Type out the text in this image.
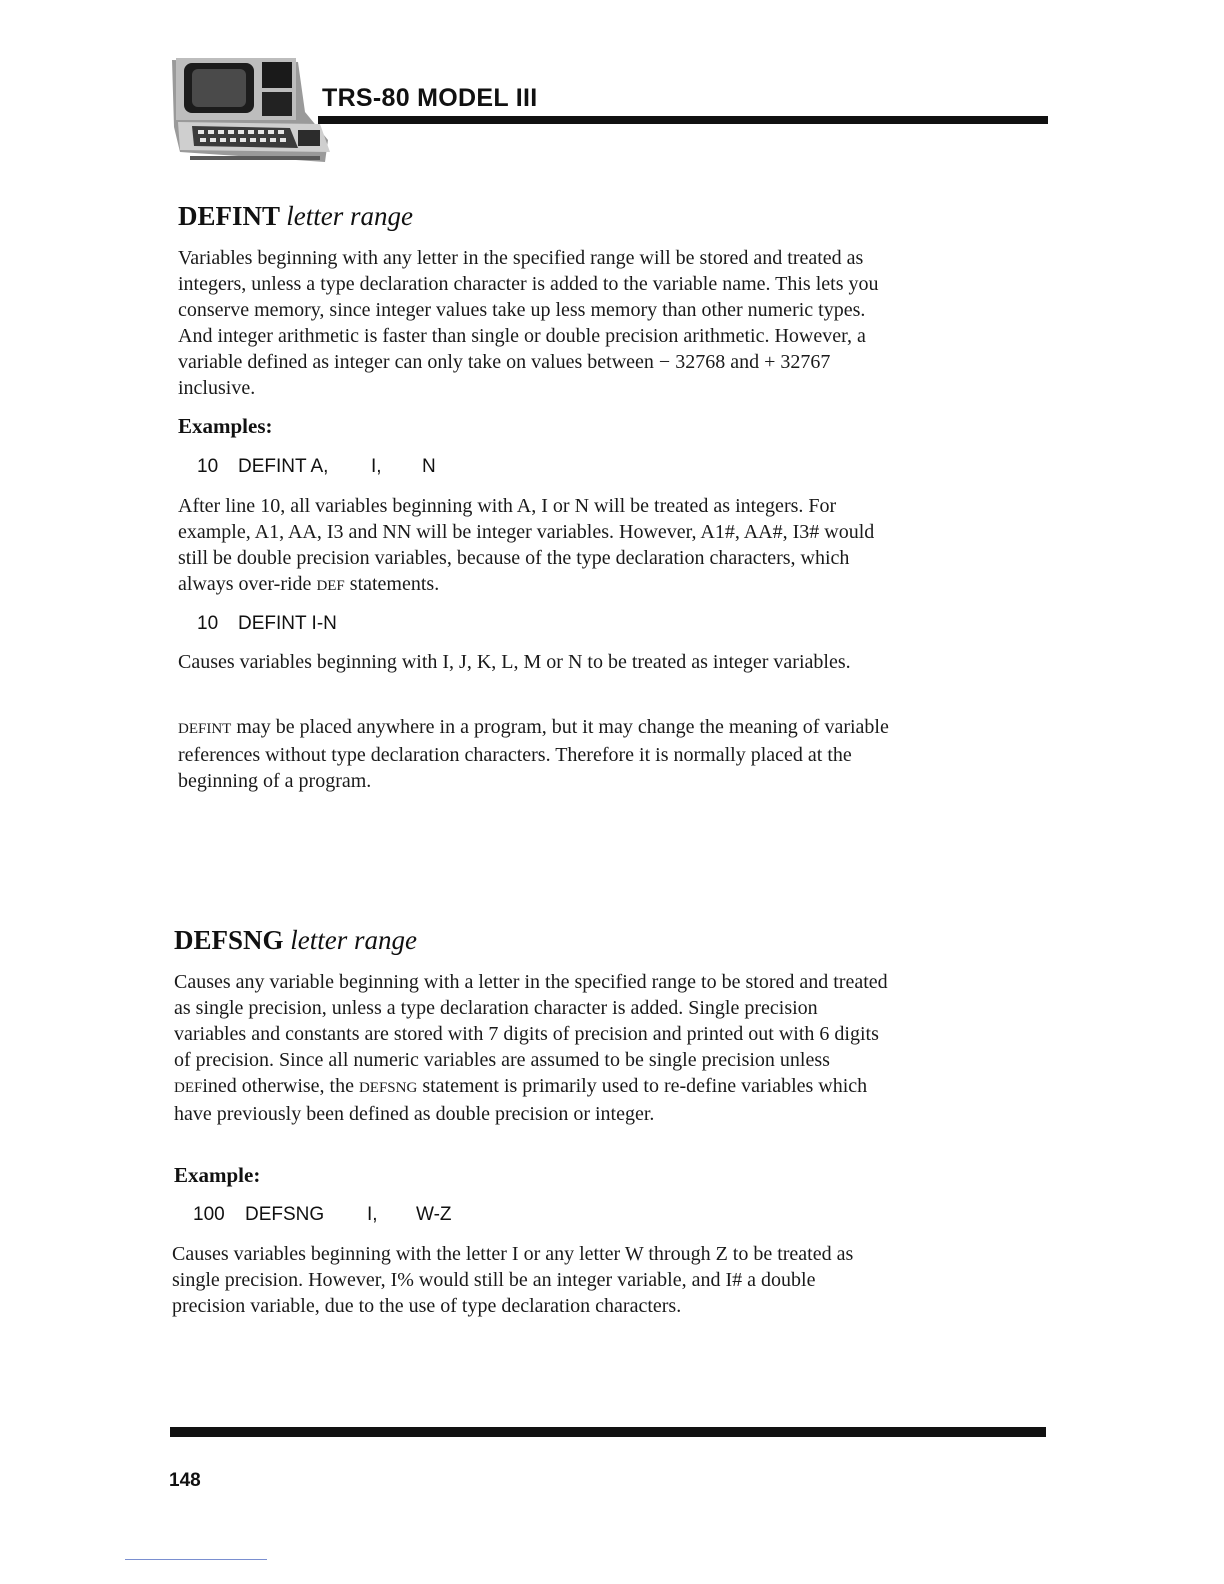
TRS-80 MODEL III
DEFINT letter range

Variables beginning with any letter in the specified range will be stored and treated as integers, unless a type declaration character is added to the variable name. This lets you conserve memory, since integer values take up less memory than other numeric types. And integer arithmetic is faster than single or double precision arithmetic. However, a variable defined as integer can only take on values between − 32768 and + 32767 inclusive.

Examples:

10

DEFINT A,

I,

N

After line 10, all variables beginning with A, I or N will be treated as integers. For example, A1, AA, I3 and NN will be integer variables. However, A1#, AA#, I3# would still be double precision variables, because of the type declaration characters, which always over-ride DEF statements.

10

DEFINT I-N

Causes variables beginning with I, J, K, L, M or N to be treated as integer variables.

DEFINT may be placed anywhere in a program, but it may change the meaning of variable references without type declaration characters. Therefore it is normally placed at the beginning of a program.

DEFSNG letter range

Causes any variable beginning with a letter in the specified range to be stored and treated as single precision, unless a type declaration character is added. Single precision variables and constants are stored with 7 digits of precision and printed out with 6 digits of precision. Since all numeric variables are assumed to be single precision unless DEFined otherwise, the DEFSNG statement is primarily used to re-define variables which have previously been defined as double precision or integer.

Example:

100

DEFSNG

I,

W-Z

Causes variables beginning with the letter I or any letter W through Z to be treated as single precision. However, I% would still be an integer variable, and I# a double precision variable, due to the use of type declaration characters.

148
